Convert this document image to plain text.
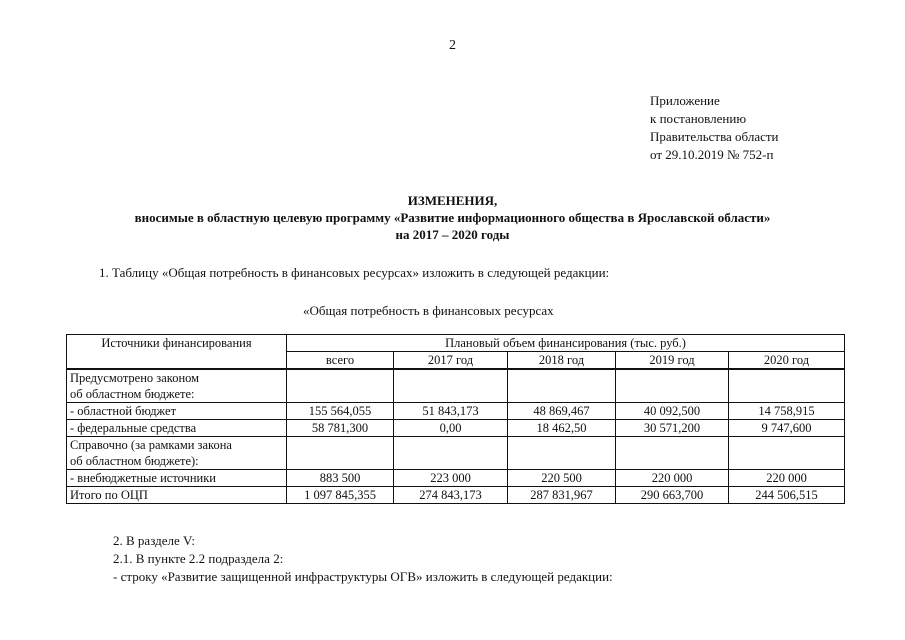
2
Приложение
к постановлению
Правительства области
от 29.10.2019 № 752-п
ИЗМЕНЕНИЯ,
вносимые в областную целевую программу «Развитие информационного общества в Ярославской области»
на 2017 – 2020 годы
1. Таблицу «Общая потребность в финансовых ресурсах» изложить в следующей редакции:
«Общая потребность в финансовых ресурсах
Источники финансирования	Плановый объем финансирования (тыс. руб.)				
	всего	2017 год	2018 год	2019 год	2020 год

Предусмотрено законом
об областном бюджете:					

- областной бюджет	155 564,055	51 843,173	48 869,467	40 092,500	14 758,915
- федеральные средства	58 781,300	0,00	18 462,50	30 571,200	9 747,600

Справочно (за рамками закона
об областном бюджете):					

- внебюджетные источники	883 500	223 000	220 500	220 000	220 000
Итого по ОЦП	1 097 845,355	274 843,173	287 831,967	290 663,700	244 506,515
2. В разделе V:
2.1. В пункте 2.2 подраздела 2:
- строку «Развитие защищенной инфраструктуры ОГВ» изложить в следующей редакции:
